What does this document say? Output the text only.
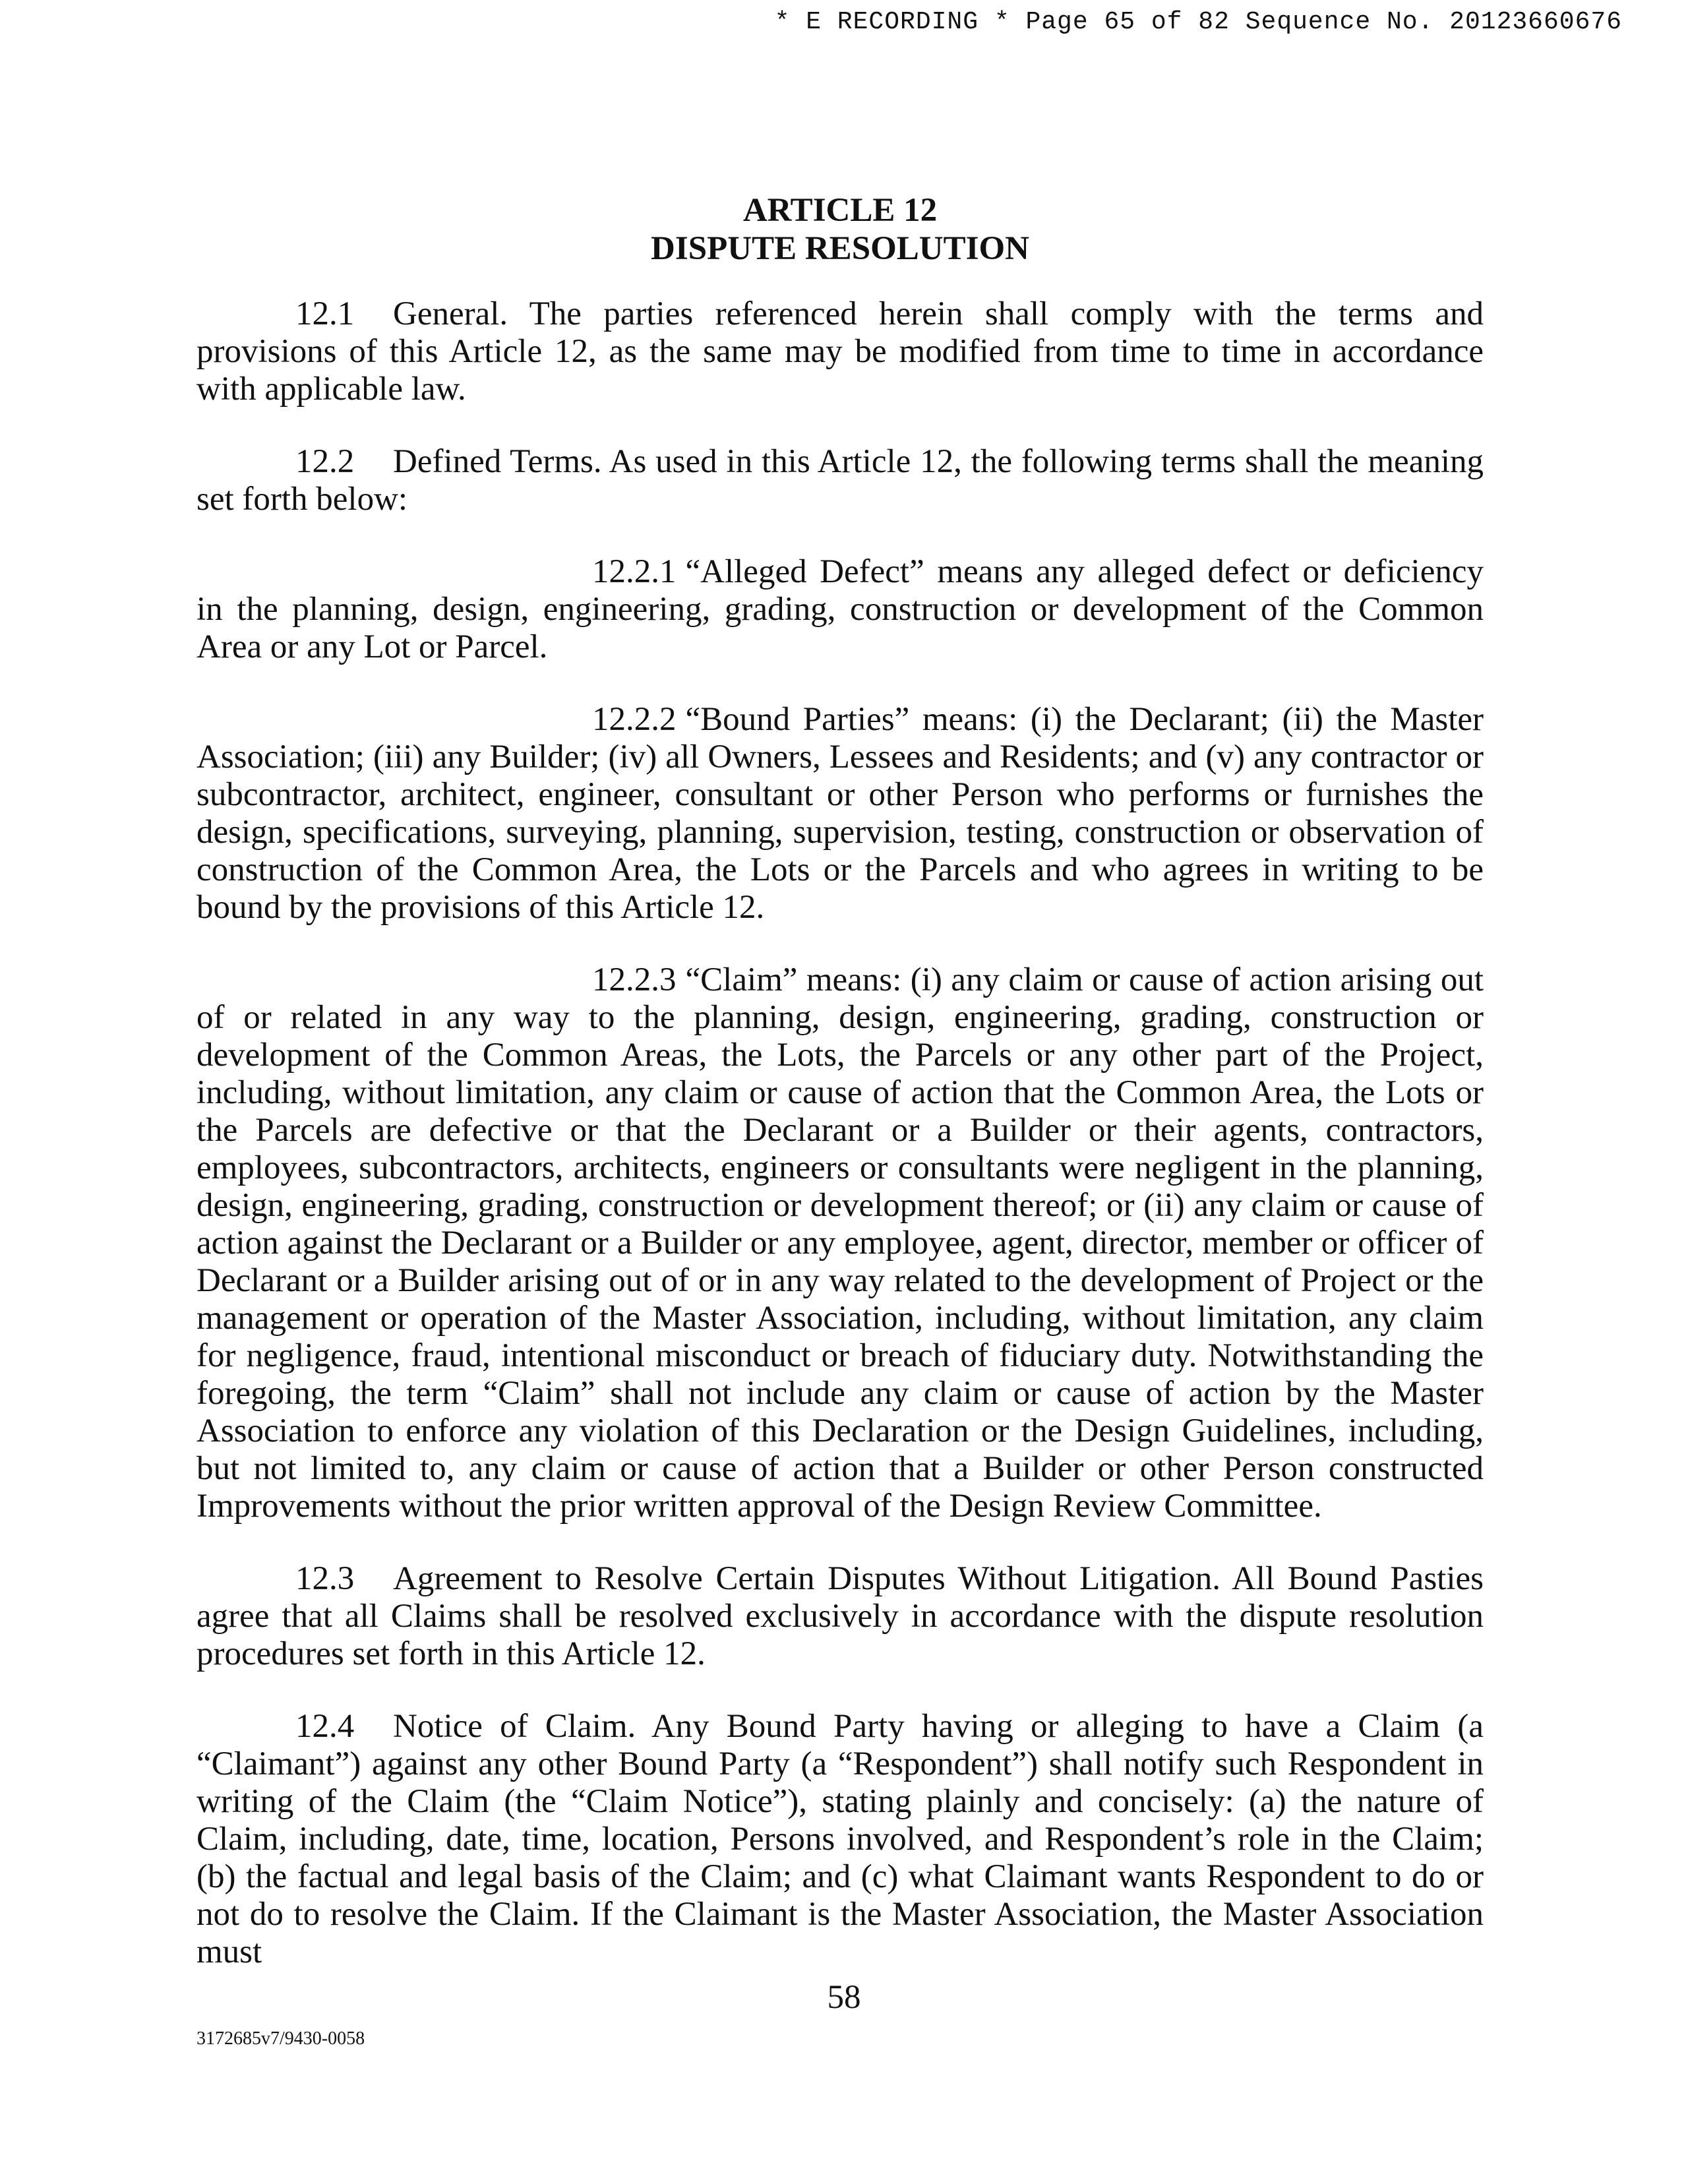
* E RECORDING * Page 65 of 82 Sequence No. 20123660676
ARTICLE 12
DISPUTE RESOLUTION

12.1 General. The parties referenced herein shall comply with the terms and provisions of this Article 12, as the same may be modified from time to time in accordance with applicable law.

12.2 Defined Terms. As used in this Article 12, the following terms shall the meaning set forth below:

12.2.1 “Alleged Defect” means any alleged defect or deficiency in the planning, design, engineering, grading, construction or development of the Common Area or any Lot or Parcel.

12.2.2 “Bound Parties” means: (i) the Declarant; (ii) the Master Association; (iii) any Builder; (iv) all Owners, Lessees and Residents; and (v) any contractor or subcontractor, architect, engineer, consultant or other Person who performs or furnishes the design, specifications, surveying, planning, supervision, testing, construction or observation of construction of the Common Area, the Lots or the Parcels and who agrees in writing to be bound by the provisions of this Article 12.

12.2.3 “Claim” means: (i) any claim or cause of action arising out of or related in any way to the planning, design, engineering, grading, construction or development of the Common Areas, the Lots, the Parcels or any other part of the Project, including, without limitation, any claim or cause of action that the Common Area, the Lots or the Parcels are defective or that the Declarant or a Builder or their agents, contractors, employees, subcontractors, architects, engineers or consultants were negligent in the planning, design, engineering, grading, construction or development thereof; or (ii) any claim or cause of action against the Declarant or a Builder or any employee, agent, director, member or officer of Declarant or a Builder arising out of or in any way related to the development of Project or the management or operation of the Master Association, including, without limitation, any claim for negligence, fraud, intentional misconduct or breach of fiduciary duty. Notwithstanding the foregoing, the term “Claim” shall not include any claim or cause of action by the Master Association to enforce any violation of this Declaration or the Design Guidelines, including, but not limited to, any claim or cause of action that a Builder or other Person constructed Improvements without the prior written approval of the Design Review Committee.

12.3 Agreement to Resolve Certain Disputes Without Litigation. All Bound Pasties agree that all Claims shall be resolved exclusively in accordance with the dispute resolution procedures set forth in this Article 12.

12.4 Notice of Claim. Any Bound Party having or alleging to have a Claim (a “Claimant”) against any other Bound Party (a “Respondent”) shall notify such Respondent in writing of the Claim (the “Claim Notice”), stating plainly and concisely: (a) the nature of Claim, including, date, time, location, Persons involved, and Respondent’s role in the Claim; (b) the factual and legal basis of the Claim; and (c) what Claimant wants Respondent to do or not do to resolve the Claim. If the Claimant is the Master Association, the Master Association must

58
3172685v7/9430-0058
